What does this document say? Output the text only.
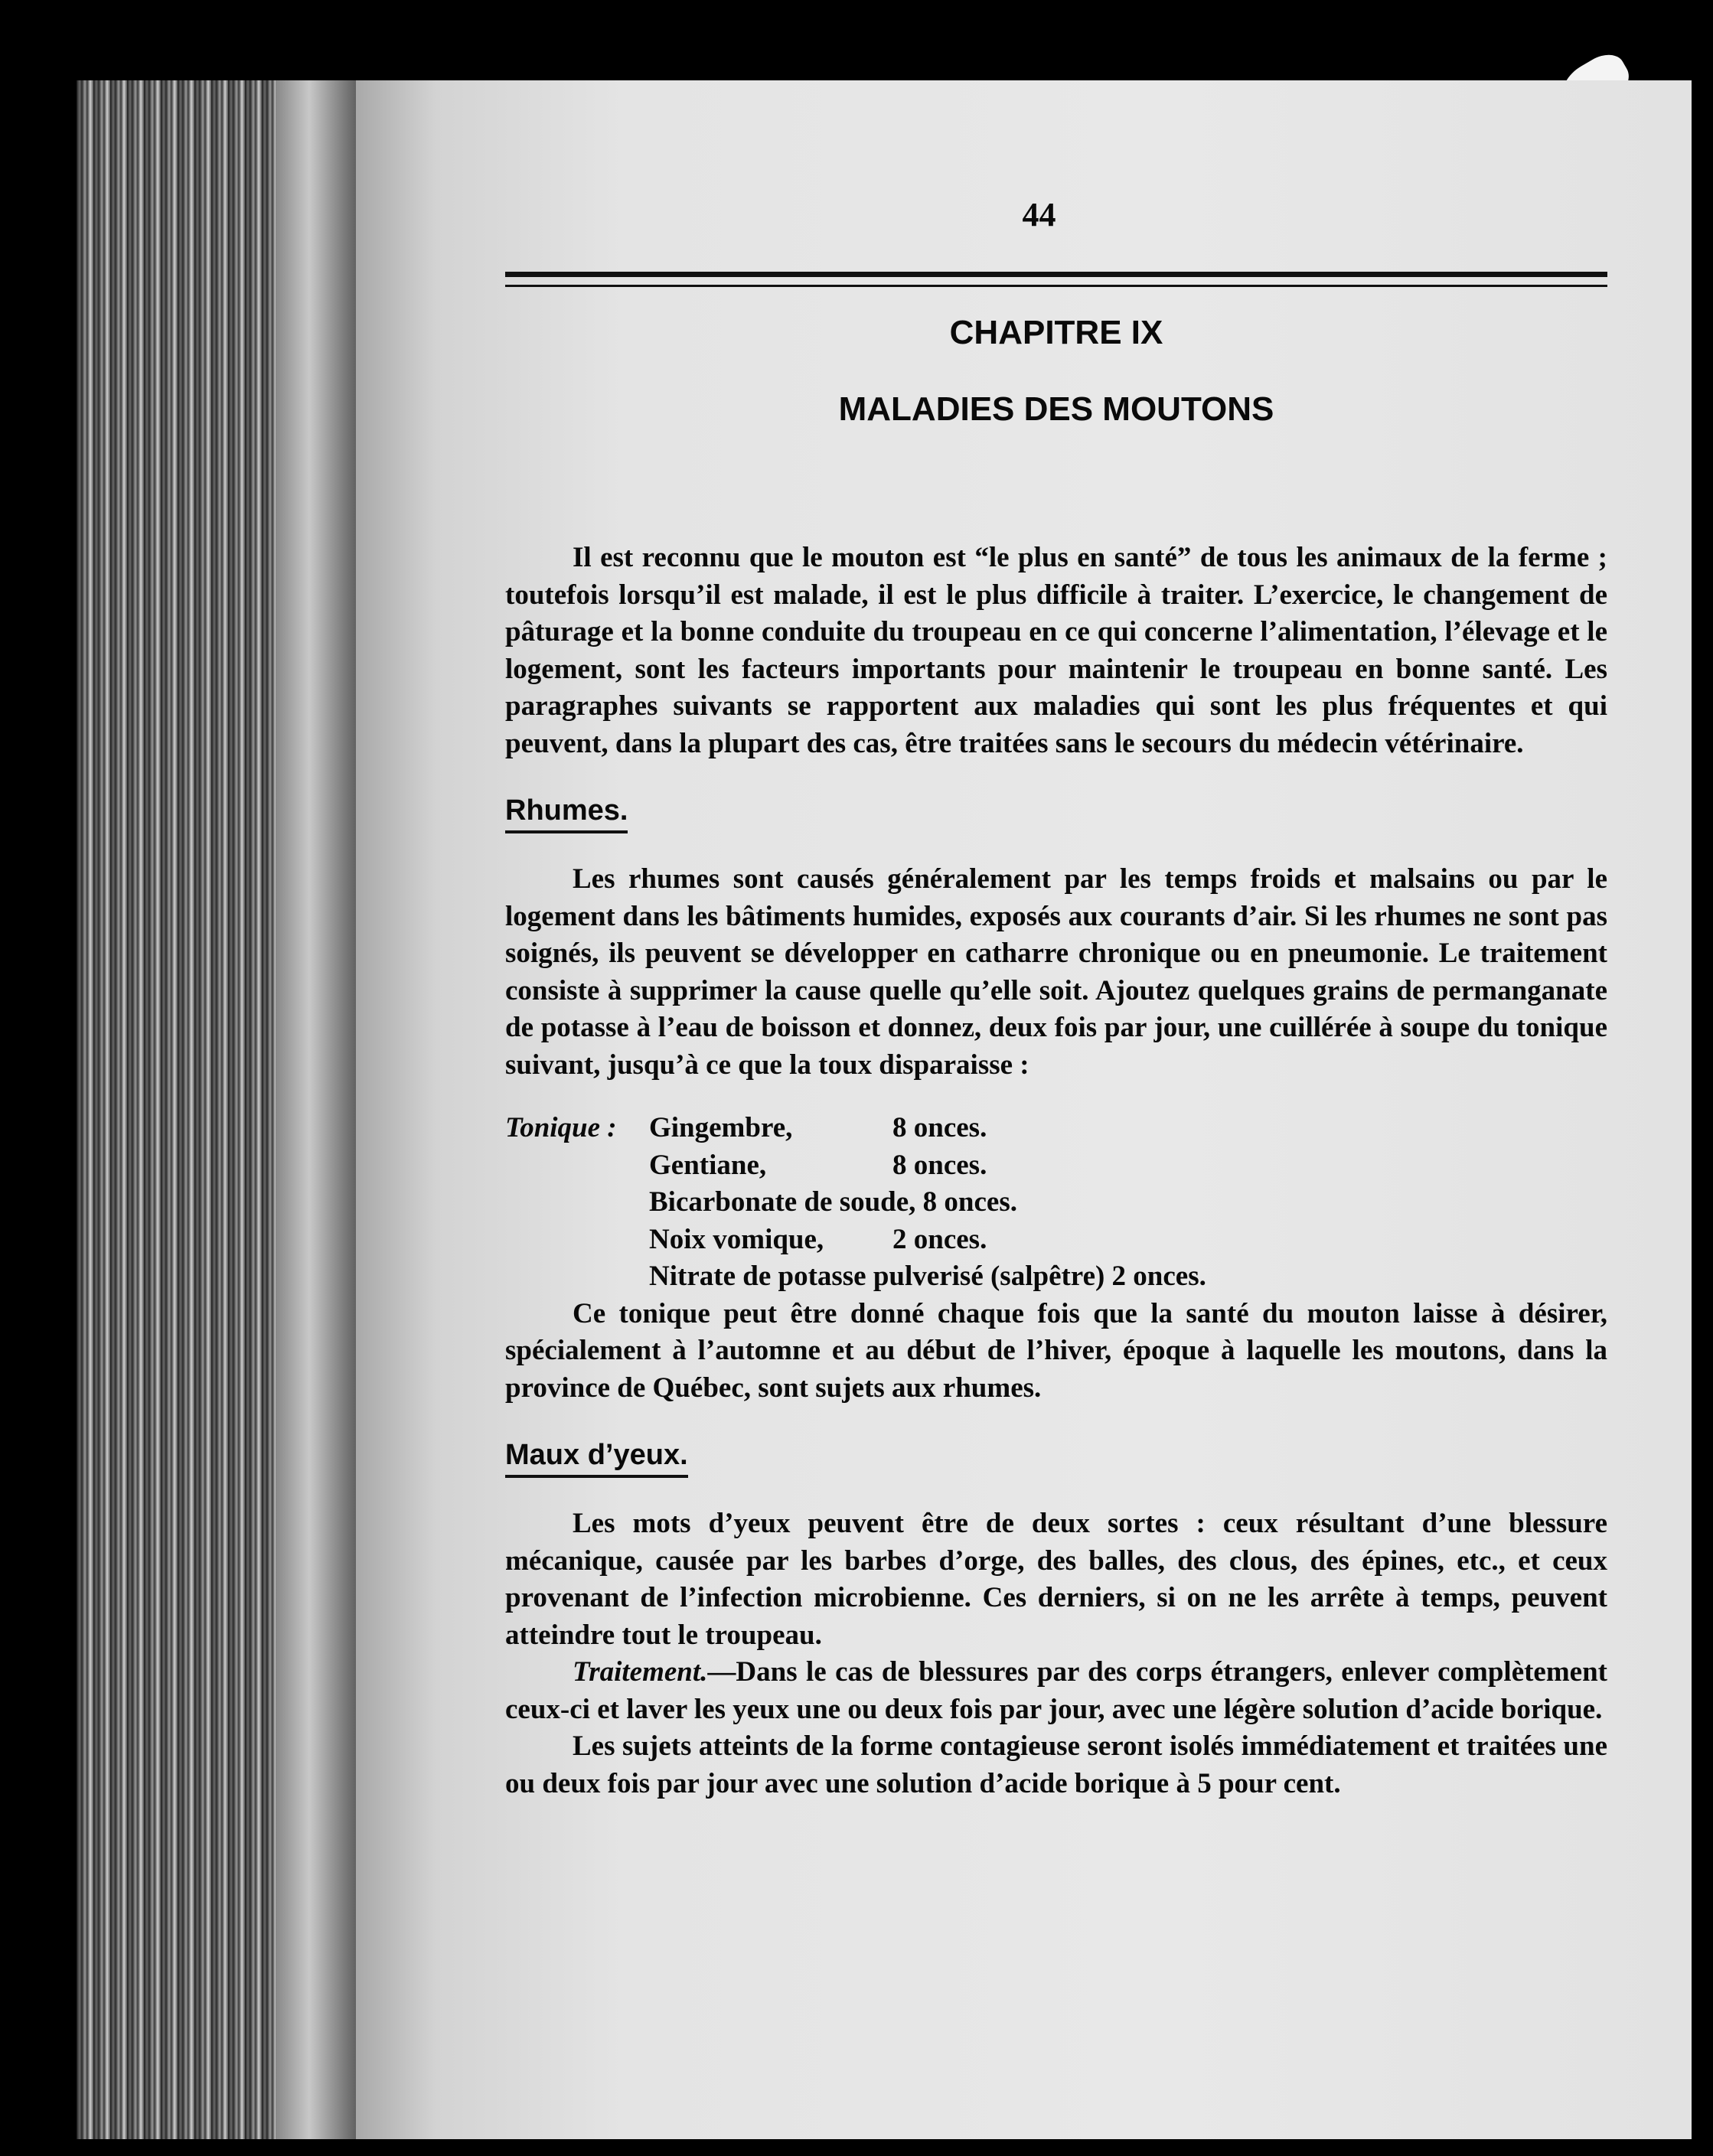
44
CHAPITRE IX
MALADIES DES MOUTONS

Il est reconnu que le mouton est “le plus en santé” de tous les animaux de la ferme ; toutefois lorsqu’il est malade, il est le plus difficile à traiter. L’exercice, le changement de pâturage et la bonne conduite du troupeau en ce qui concerne l’alimentation, l’élevage et le logement, sont les facteurs importants pour maintenir le troupeau en bonne santé. Les paragraphes suivants se rapportent aux maladies qui sont les plus fréquentes et qui peuvent, dans la plupart des cas, être traitées sans le secours du médecin vétérinaire.

Rhumes.

Les rhumes sont causés généralement par les temps froids et malsains ou par le logement dans les bâtiments humides, exposés aux courants d’air. Si les rhumes ne sont pas soignés, ils peuvent se développer en catharre chronique ou en pneumonie. Le traitement consiste à supprimer la cause quelle qu’elle soit. Ajoutez quelques grains de permanganate de potasse à l’eau de boisson et donnez, deux fois par jour, une cuillérée à soupe du tonique suivant, jusqu’à ce que la toux disparaisse :

Tonique :	Gingembre,	8 onces.
Gentiane,	8 onces.
Bicarbonate de soude, 8 onces.
Noix vomique,	2 onces.
Nitrate de potasse pulverisé (salpêtre) 2 onces.

Ce tonique peut être donné chaque fois que la santé du mouton laisse à désirer, spécialement à l’automne et au début de l’hiver, époque à laquelle les moutons, dans la province de Québec, sont sujets aux rhumes.

Maux d’yeux.

Les mots d’yeux peuvent être de deux sortes : ceux résultant d’une blessure mécanique, causée par les barbes d’orge, des balles, des clous, des épines, etc., et ceux provenant de l’infection microbienne. Ces derniers, si on ne les arrête à temps, peuvent atteindre tout le troupeau.

Traitement.—Dans le cas de blessures par des corps étrangers, enlever complètement ceux-ci et laver les yeux une ou deux fois par jour, avec une légère solution d’acide borique.

Les sujets atteints de la forme contagieuse seront isolés immédiatement et traitées une ou deux fois par jour avec une solution d’acide borique à 5 pour cent.
